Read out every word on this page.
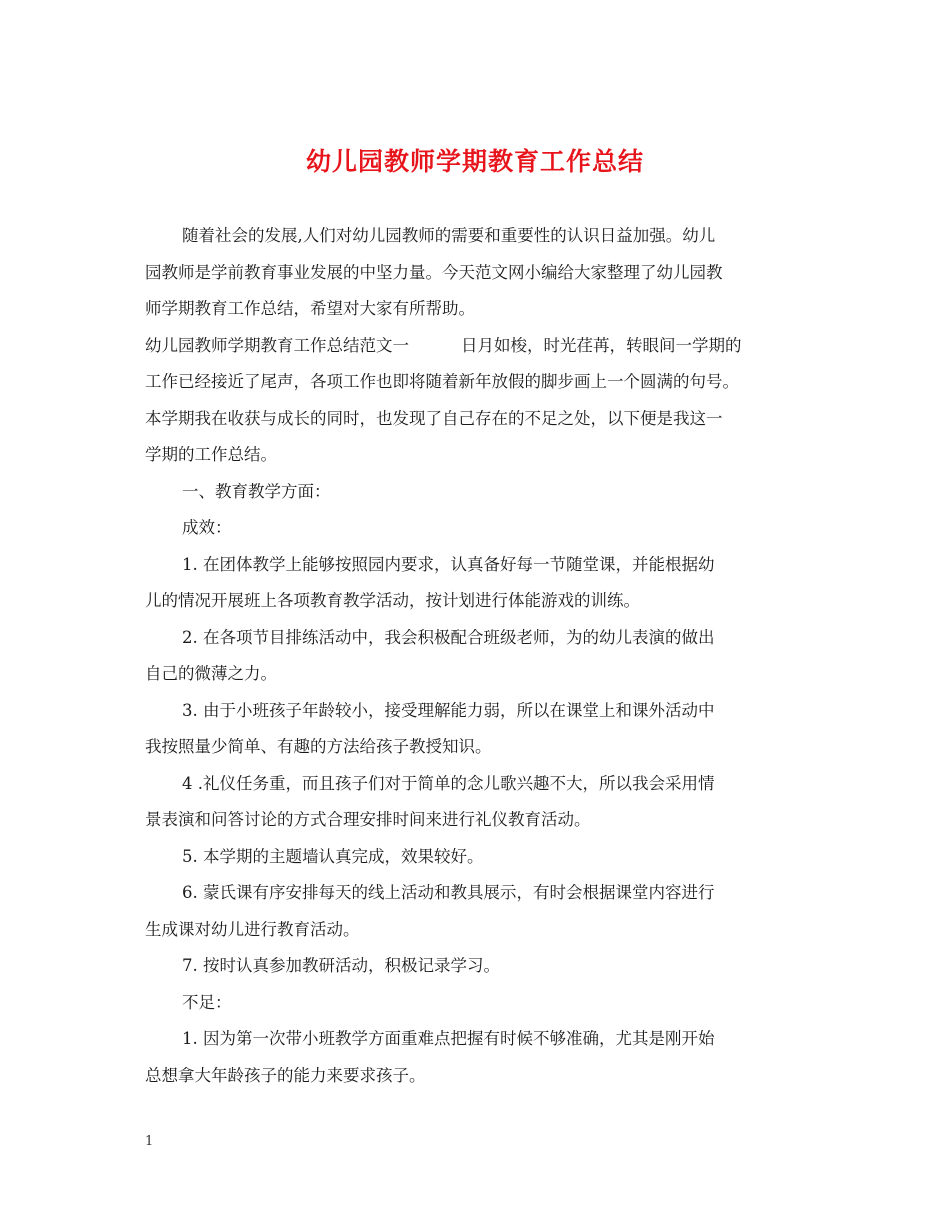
幼儿园教师学期教育工作总结
随着社会的发展,人们对幼儿园教师的需要和重要性的认识日益加强。幼儿
园教师是学前教育事业发展的中坚力量。今天范文网小编给大家整理了幼儿园教
师学期教育工作总结，希望对大家有所帮助。
幼儿园教师学期教育工作总结范文一	日月如梭，时光荏苒，转眼间一学期的
工作已经接近了尾声，各项工作也即将随着新年放假的脚步画上一个圆满的句号。
本学期我在收获与成长的同时，也发现了自己存在的不足之处，以下便是我这一
学期的工作总结。
一、教育教学方面：
成效：
1. 在团体教学上能够按照园内要求，认真备好每一节随堂课，并能根据幼
儿的情况开展班上各项教育教学活动，按计划进行体能游戏的训练。
2. 在各项节目排练活动中，我会积极配合班级老师，为的幼儿表演的做出
自己的微薄之力。
3. 由于小班孩子年龄较小，接受理解能力弱，所以在课堂上和课外活动中
我按照量少简单、有趣的方法给孩子教授知识。
4 .礼仪任务重，而且孩子们对于简单的念儿歌兴趣不大，所以我会采用情
景表演和问答讨论的方式合理安排时间来进行礼仪教育活动。
5. 本学期的主题墙认真完成，效果较好。
6. 蒙氏课有序安排每天的线上活动和教具展示，有时会根据课堂内容进行
生成课对幼儿进行教育活动。
7. 按时认真参加教研活动，积极记录学习。
不足：
1. 因为第一次带小班教学方面重难点把握有时候不够准确，尤其是刚开始
总想拿大年龄孩子的能力来要求孩子。
1
